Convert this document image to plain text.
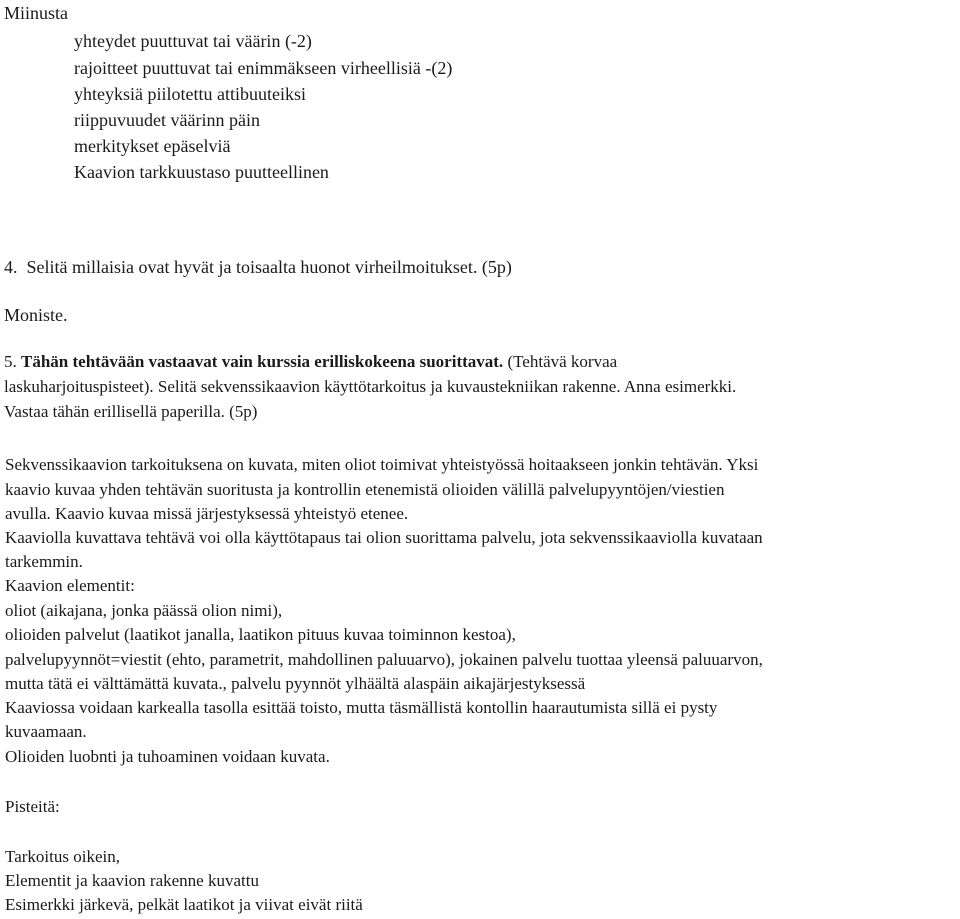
Miinusta
yhteydet puuttuvat tai väärin (-2)
rajoitteet puuttuvat tai enimmäkseen virheellisiä -(2)
yhteyksiä piilotettu attibuuteiksi
riippuvuudet väärinn päin
merkitykset epäselviä
Kaavion tarkkuustaso puutteellinen
4.  Selitä millaisia ovat hyvät ja toisaalta huonot virheilmoitukset. (5p)
Moniste.
5. Tähän tehtävään vastaavat vain kurssia erilliskokeena suorittavat. (Tehtävä korvaa
laskuharjoituspisteet). Selitä sekvenssikaavion käyttötarkoitus ja kuvaustekniikan rakenne. Anna esimerkki.
Vastaa tähän erillisellä paperilla. (5p)
Sekvenssikaavion tarkoituksena on kuvata, miten oliot toimivat yhteistyössä hoitaakseen jonkin tehtävän. Yksi
kaavio kuvaa yhden tehtävän suoritusta ja kontrollin etenemistä olioiden välillä palvelupyyntöjen/viestien
avulla. Kaavio kuvaa missä järjestyksessä yhteistyö etenee.
Kaaviolla kuvattava tehtävä voi olla käyttötapaus tai olion suorittama palvelu, jota sekvenssikaaviolla kuvataan
tarkemmin.
Kaavion elementit:
oliot (aikajana, jonka päässä olion nimi),
olioiden palvelut (laatikot janalla, laatikon pituus kuvaa toiminnon kestoa),
palvelupyynnöt=viestit (ehto, parametrit, mahdollinen paluuarvo), jokainen palvelu tuottaa yleensä paluuarvon,
mutta tätä ei välttämättä kuvata., palvelu pyynnöt ylhäältä alaspäin aikajärjestyksessä
Kaaviossa voidaan karkealla tasolla esittää toisto, mutta täsmällistä kontollin haarautumista sillä ei pysty
kuvaamaan.
Olioiden luobnti ja tuhoaminen voidaan kuvata.
Pisteitä:
Tarkoitus oikein,
Elementit ja kaavion rakenne kuvattu
Esimerkki järkevä, pelkät laatikot ja viivat eivät riitä
